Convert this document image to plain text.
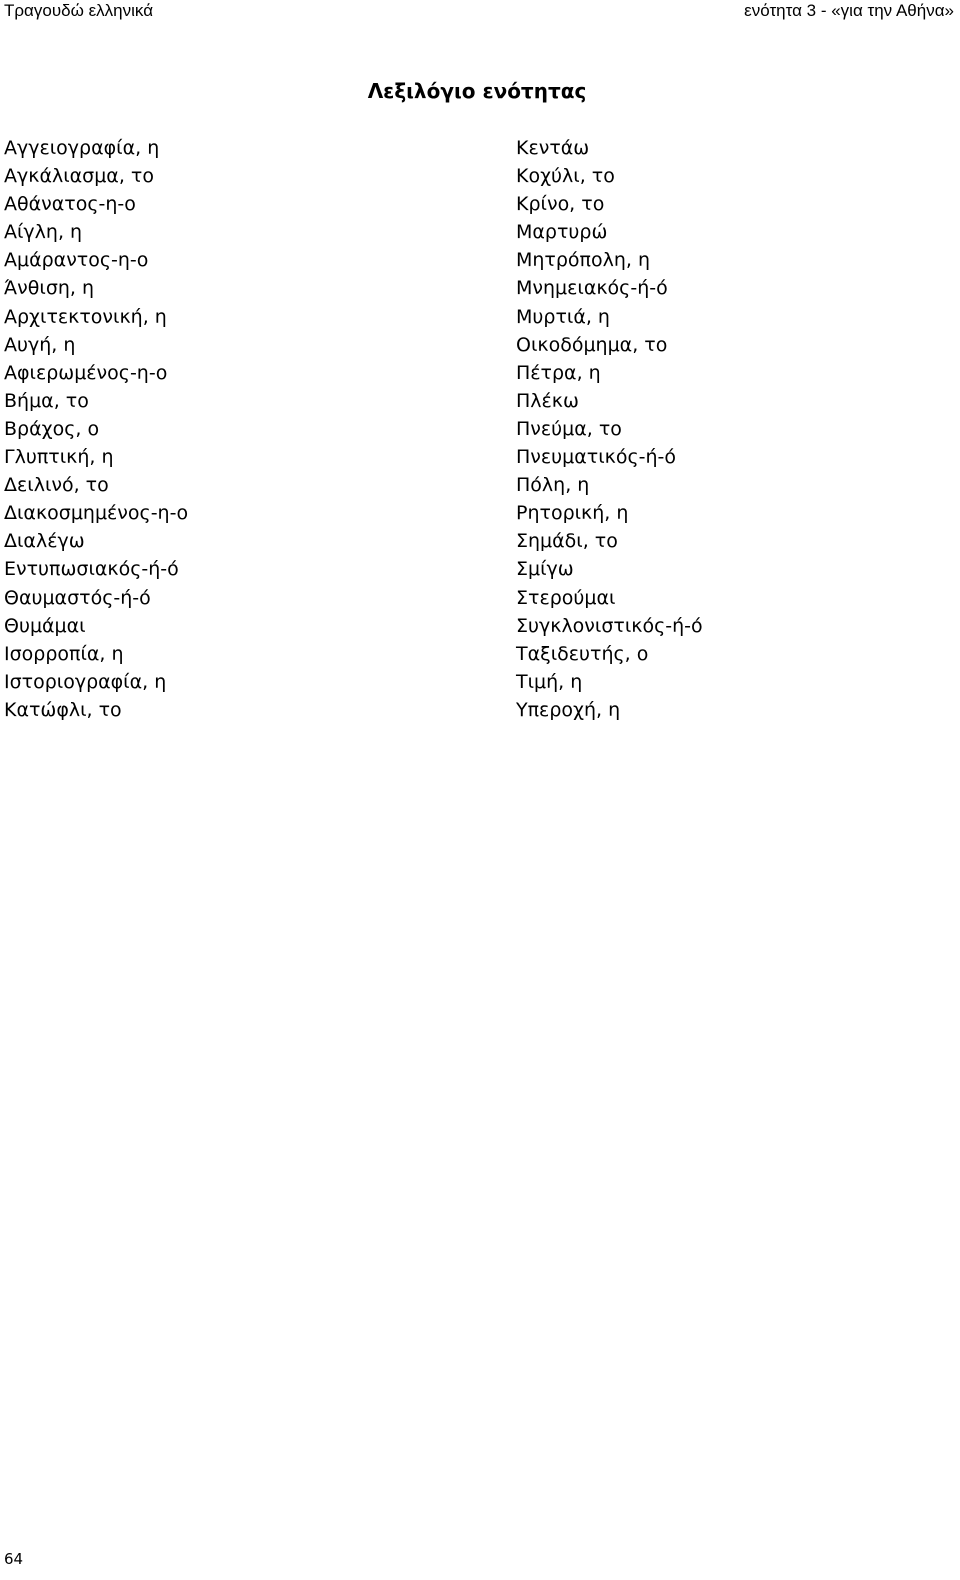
Τραγουδώ ελληνικά	ενότητα 3 - «για την Αθήνα»
Λεξιλόγιο ενότητας
Αγγειογραφία, η
Αγκάλιασμα, το
Αθάνατος-η-ο
Αίγλη, η
Αμάραντος-η-ο
Άνθιση, η
Αρχιτεκτονική, η
Αυγή, η
Αφιερωμένος-η-ο
Βήμα, το
Βράχος, ο
Γλυπτική, η
Δειλινό, το
Διακοσμημένος-η-ο
Διαλέγω
Εντυπωσιακός-ή-ό
Θαυμαστός-ή-ό
Θυμάμαι
Ισορροπία, η
Ιστοριογραφία, η
Κατώφλι, το
Κεντάω
Κοχύλι, το
Κρίνο, το
Μαρτυρώ
Μητρόπολη, η
Μνημειακός-ή-ό
Μυρτιά, η
Οικοδόμημα, το
Πέτρα, η
Πλέκω
Πνεύμα, το
Πνευματικός-ή-ό
Πόλη, η
Ρητορική, η
Σημάδι, το
Σμίγω
Στερούμαι
Συγκλονιστικός-ή-ό
Ταξιδευτής, ο
Τιμή, η
Υπεροχή, η
64
